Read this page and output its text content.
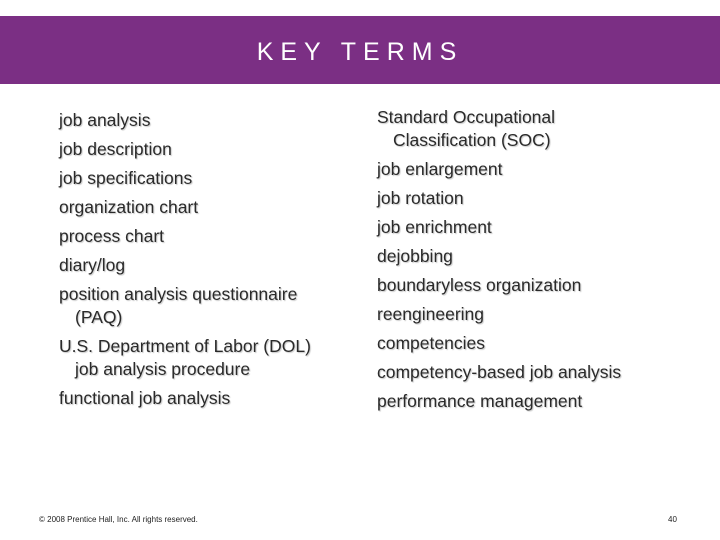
KEY TERMS
job analysis
job description
job specifications
organization chart
process chart
diary/log
position analysis questionnaire
(PAQ)
U.S. Department of Labor (DOL)
job analysis procedure
functional job analysis
Standard Occupational
Classification (SOC)
job enlargement
job rotation
job enrichment
dejobbing
boundaryless organization
reengineering
competencies
competency-based job analysis
performance management
© 2008 Prentice Hall, Inc. All rights reserved.	40
